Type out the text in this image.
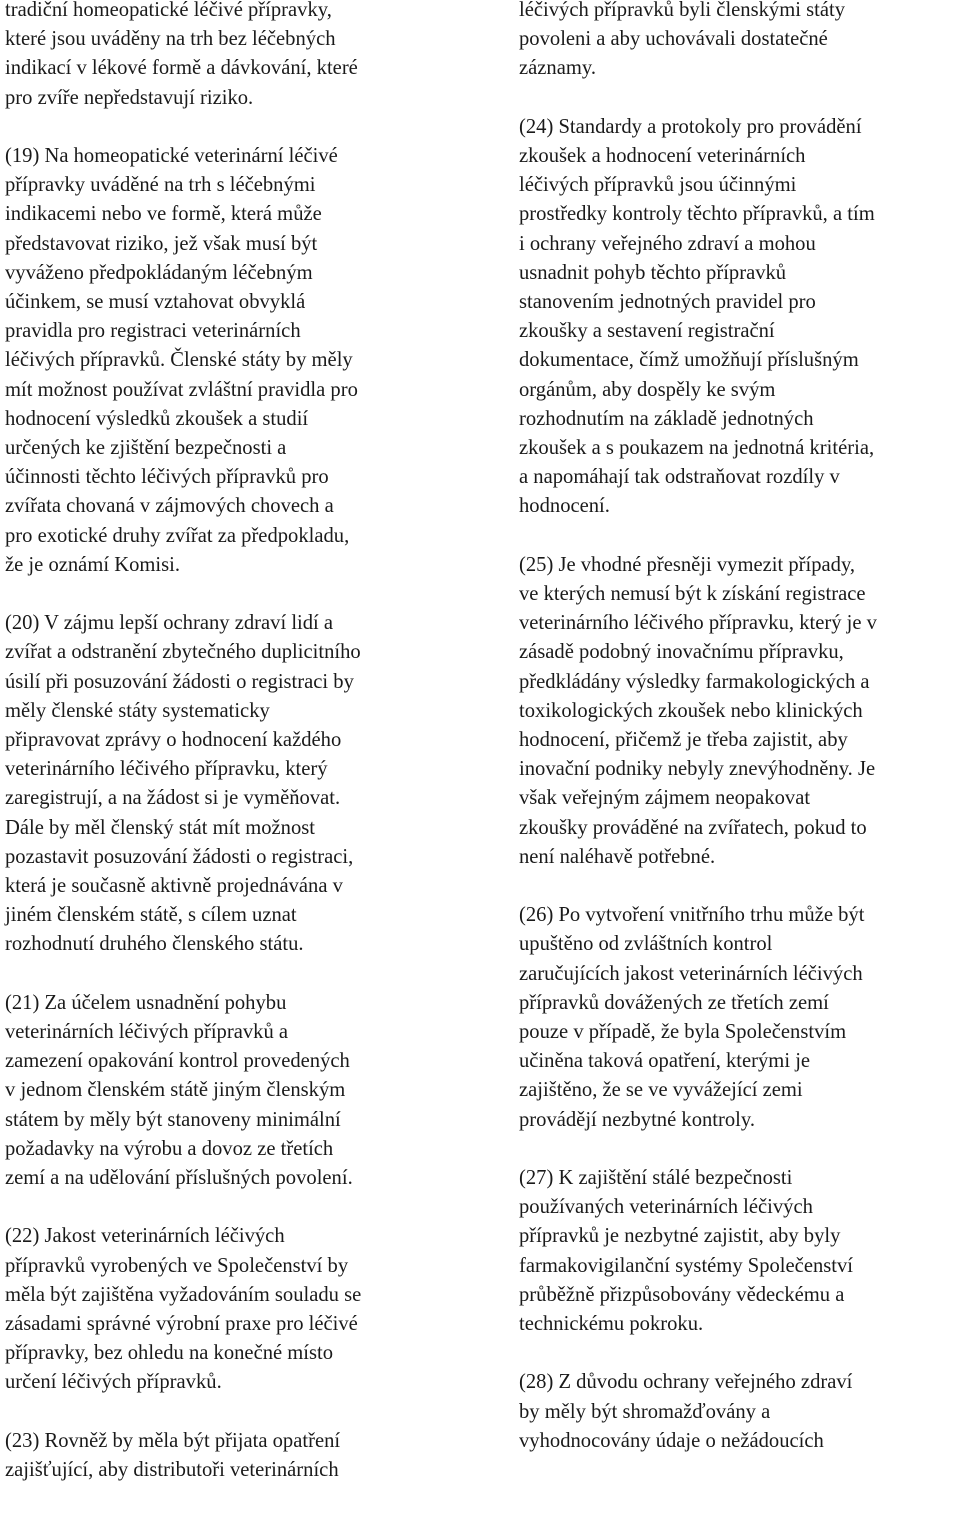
tradiční homeopatické léčivé přípravky,
které jsou uváděny na trh bez léčebných
indikací v lékové formě a dávkování, které
pro zvíře nepředstavují riziko.
(19) Na homeopatické veterinární léčivé
přípravky uváděné na trh s léčebnými
indikacemi nebo ve formě, která může
představovat riziko, jež však musí být
vyváženo předpokládaným léčebným
účinkem, se musí vztahovat obvyklá
pravidla pro registraci veterinárních
léčivých přípravků. Členské státy by měly
mít možnost používat zvláštní pravidla pro
hodnocení výsledků zkoušek a studií
určených ke zjištění bezpečnosti a
účinnosti těchto léčivých přípravků pro
zvířata chovaná v zájmových chovech a
pro exotické druhy zvířat za předpokladu,
že je oznámí Komisi.
(20) V zájmu lepší ochrany zdraví lidí a
zvířat a odstranění zbytečného duplicitního
úsilí při posuzování žádosti o registraci by
měly členské státy systematicky
připravovat zprávy o hodnocení každého
veterinárního léčivého přípravku, který
zaregistrují, a na žádost si je vyměňovat.
Dále by měl členský stát mít možnost
pozastavit posuzování žádosti o registraci,
která je současně aktivně projednávána v
jiném členském státě, s cílem uznat
rozhodnutí druhého členského státu.
(21) Za účelem usnadnění pohybu
veterinárních léčivých přípravků a
zamezení opakování kontrol provedených
v jednom členském státě jiným členským
státem by měly být stanoveny minimální
požadavky na výrobu a dovoz ze třetích
zemí a na udělování příslušných povolení.
(22) Jakost veterinárních léčivých
přípravků vyrobených ve Společenství by
měla být zajištěna vyžadováním souladu se
zásadami správné výrobní praxe pro léčivé
přípravky, bez ohledu na konečné místo
určení léčivých přípravků.
(23) Rovněž by měla být přijata opatření
zajišťující, aby distributoři veterinárních
léčivých přípravků byli členskými státy
povoleni a aby uchovávali dostatečné
záznamy.
(24) Standardy a protokoly pro provádění
zkoušek a hodnocení veterinárních
léčivých přípravků jsou účinnými
prostředky kontroly těchto přípravků, a tím
i ochrany veřejného zdraví a mohou
usnadnit pohyb těchto přípravků
stanovením jednotných pravidel pro
zkoušky a sestavení registrační
dokumentace, čímž umožňují příslušným
orgánům, aby dospěly ke svým
rozhodnutím na základě jednotných
zkoušek a s poukazem na jednotná kritéria,
a napomáhají tak odstraňovat rozdíly v
hodnocení.
(25) Je vhodné přesněji vymezit případy,
ve kterých nemusí být k získání registrace
veterinárního léčivého přípravku, který je v
zásadě podobný inovačnímu přípravku,
předkládány výsledky farmakologických a
toxikologických zkoušek nebo klinických
hodnocení, přičemž je třeba zajistit, aby
inovační podniky nebyly znevýhodněny. Je
však veřejným zájmem neopakovat
zkoušky prováděné na zvířatech, pokud to
není naléhavě potřebné.
(26) Po vytvoření vnitřního trhu může být
upuštěno od zvláštních kontrol
zaručujících jakost veterinárních léčivých
přípravků dovážených ze třetích zemí
pouze v případě, že byla Společenstvím
učiněna taková opatření, kterými je
zajištěno, že se ve vyvážející zemi
provádějí nezbytné kontroly.
(27) K zajištění stálé bezpečnosti
používaných veterinárních léčivých
přípravků je nezbytné zajistit, aby byly
farmakovigilanční systémy Společenství
průběžně přizpůsobovány vědeckému a
technickému pokroku.
(28) Z důvodu ochrany veřejného zdraví
by měly být shromažďovány a
vyhodnocovány údaje o nežádoucích
